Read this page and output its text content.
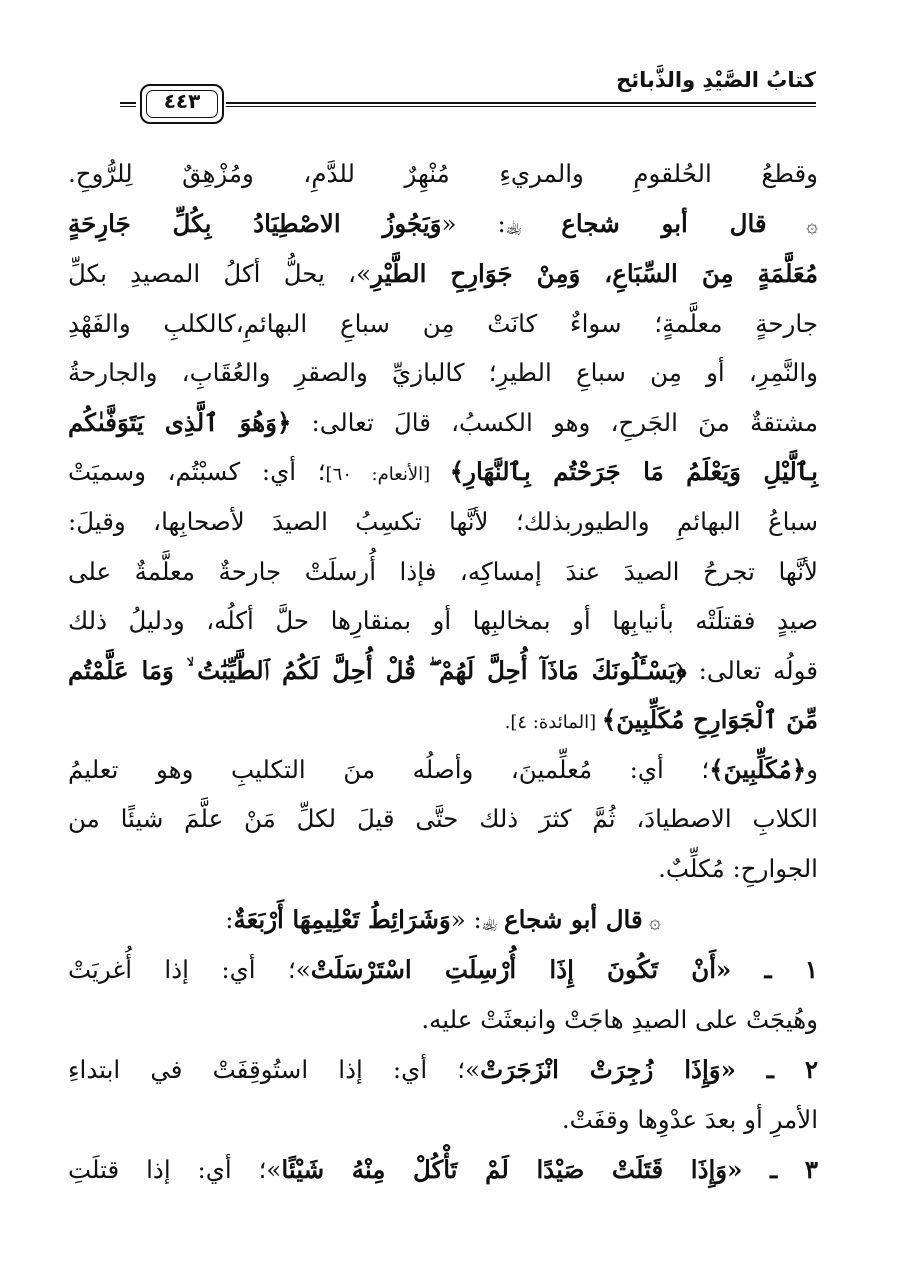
كتابُ الصَّيْدِ والذَّبائح
٤٤٣
وقطعُ الحُلقومِ والمريءِ مُنْهِرٌ للدَّمِ، ومُزْهِقٌ لِلرُّوحِ.
۞ قال أبو شجاع ﵀: «وَيَجُوزُ الاصْطِيَادُ بِكُلِّ جَارِحَةٍ
مُعَلَّمَةٍ مِنَ السِّبَاعِ، وَمِنْ جَوَارِحِ الطَّيْرِ»، يحلُّ أكلُ المصيدِ بكلِّ
جارحةٍ معلَّمةٍ؛ سواءٌ كانَتْ مِن سباعِ البهائمِ،كالكلبِ والفَهْدِ
والنَّمِرِ، أو مِن سباعِ الطيرِ؛ كالبازيِّ والصقرِ والعُقَابِ، والجارحةُ
مشتقةٌ منَ الجَرحِ، وهو الكسبُ، قالَ تعالى: ﴿وَهُوَ ٱلَّذِى يَتَوَفَّىٰكُم
بِٱلَّيْلِ وَيَعْلَمُ مَا جَرَحْتُم بِٱلنَّهَارِ﴾ [الأنعام: ٦٠]؛ أي: كسبْتُم، وسميَتْ
سباعُ البهائمِ والطيوربذلك؛ لأنَّها تكسِبُ الصيدَ لأصحابِها، وقيلَ:
لأنَّها تجرحُ الصيدَ عندَ إمساكِه، فإذا أُرسلَتْ جارحةٌ معلَّمةٌ على
صيدٍ فقتلَتْه بأنيابِها أو بمخالبِها أو بمنقارِها حلَّ أكلُه، ودليلُ ذلك
قولُه تعالى: ﴿يَسْـَٔلُونَكَ مَاذَآ أُحِلَّ لَهُمْ ۖ قُلْ أُحِلَّ لَكُمُ ٱلطَّيِّبَٰتُ ۙ وَمَا عَلَّمْتُم
مِّنَ ٱلْجَوَارِحِ مُكَلِّبِينَ﴾ [المائدة: ٤].
و﴿مُكَلِّبِينَ﴾؛ أي: مُعلِّمينَ، وأصلُه منَ التكليبِ وهو تعليمُ
الكلابِ الاصطيادَ، ثُمَّ كثرَ ذلك حتَّى قيلَ لكلِّ مَنْ علَّمَ شيئًا من
الجوارحِ: مُكلِّبٌ.
۞ قال أبو شجاع ﵀: «وَشَرَائِطُ تَعْلِيمِهَا أَرْبَعَةٌ:
١ ـ «أَنْ تَكُونَ إِذَا أُرْسِلَتِ اسْتَرْسَلَتْ»؛ أي: إذا أُغريَتْ
وهُيجَتْ على الصيدِ هاجَتْ وانبعثَتْ عليه.
٢ ـ «وَإِذَا زُجِرَتْ انْزَجَرَتْ»؛ أي: إذا استُوقِفَتْ في ابتداءِ
الأمرِ أو بعدَ عدْوِها وقفَتْ.
٣ ـ «وَإِذَا قَتَلَتْ صَيْدًا لَمْ تَأْكُلْ مِنْهُ شَيْئًا»؛ أي: إذا قتلَتِ
